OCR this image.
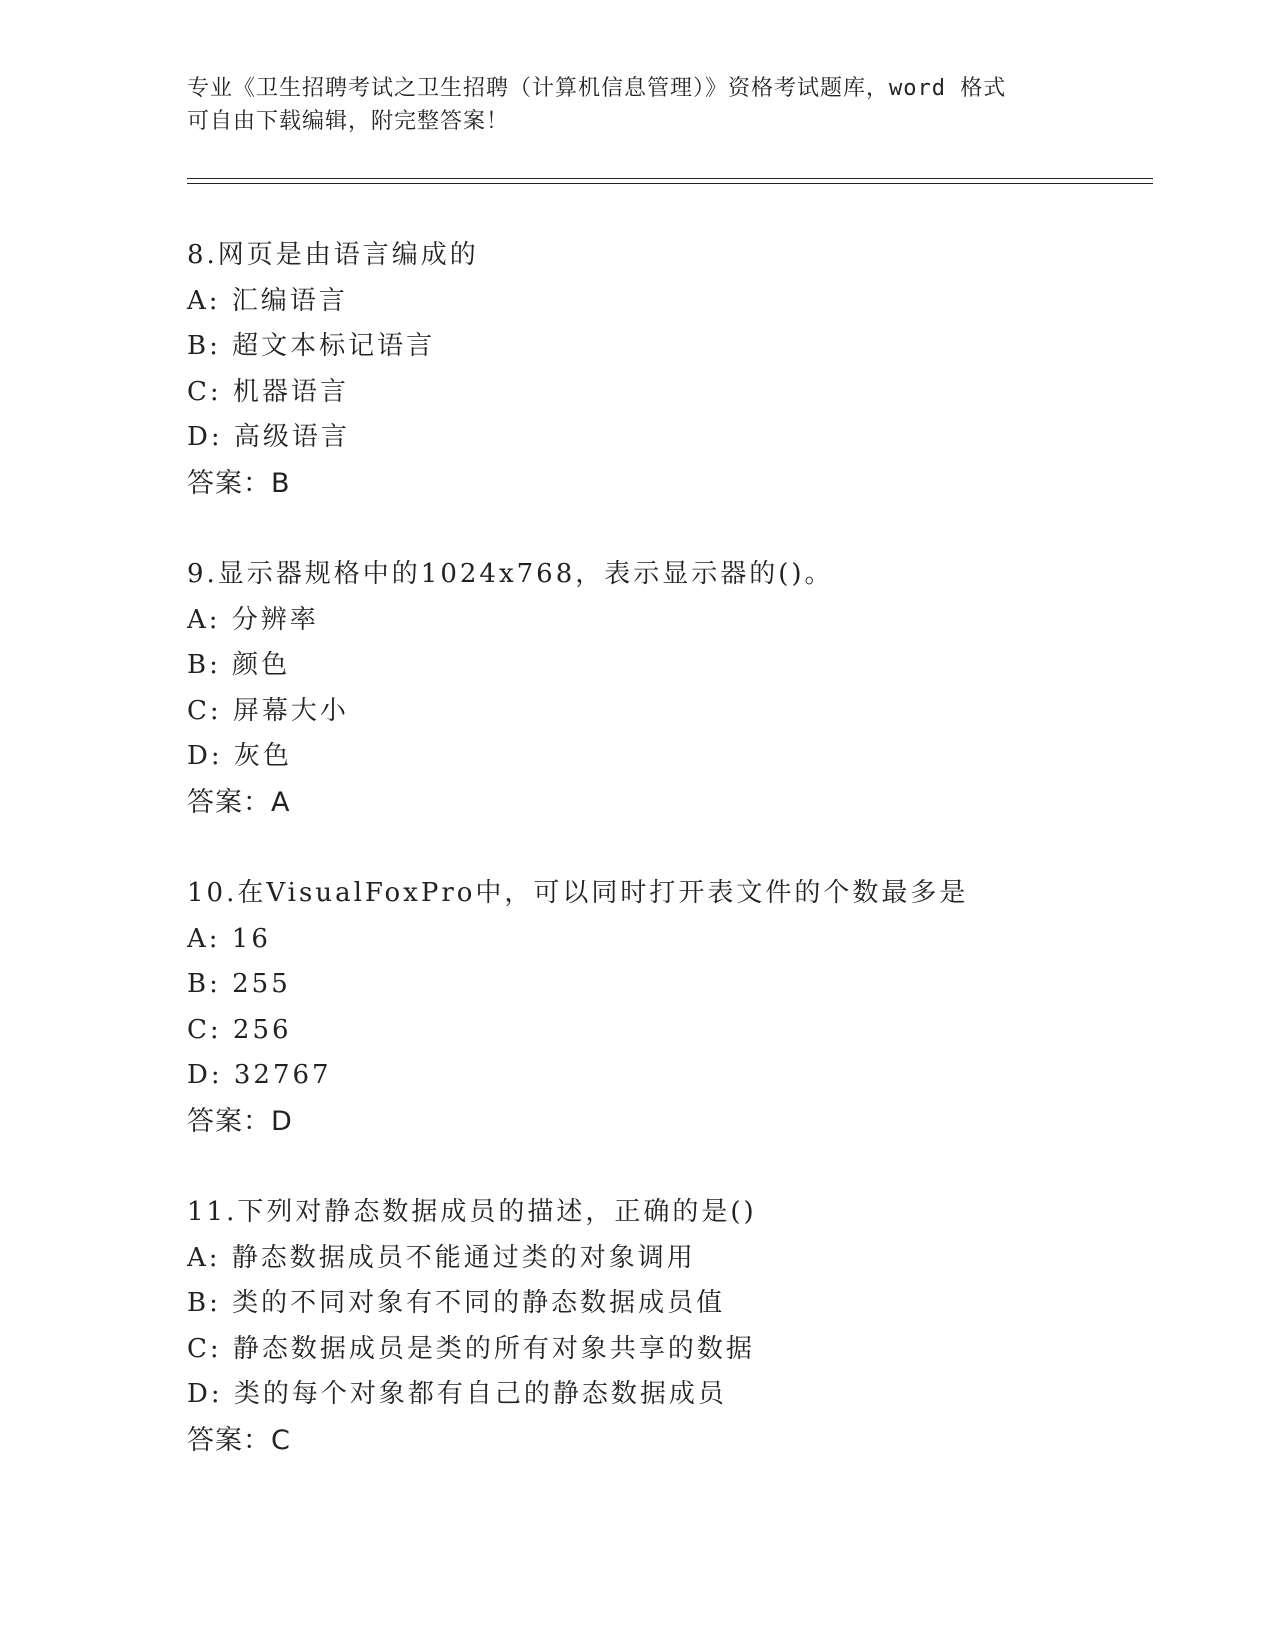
专业《卫生招聘考试之卫生招聘（计算机信息管理）》资格考试题库，word 格式
可自由下载编辑，附完整答案！
8.网页是由语言编成的
A: 汇编语言
B: 超文本标记语言
C: 机器语言
D: 高级语言
答案：B
9.显示器规格中的1024x768，表示显示器的()。
A: 分辨率
B: 颜色
C: 屏幕大小
D: 灰色
答案：A
10.在VisualFoxPro中，可以同时打开表文件的个数最多是
A: 16
B: 255
C: 256
D: 32767
答案：D
11.下列对静态数据成员的描述，正确的是()
A: 静态数据成员不能通过类的对象调用
B: 类的不同对象有不同的静态数据成员值
C: 静态数据成员是类的所有对象共享的数据
D: 类的每个对象都有自己的静态数据成员
答案：C
